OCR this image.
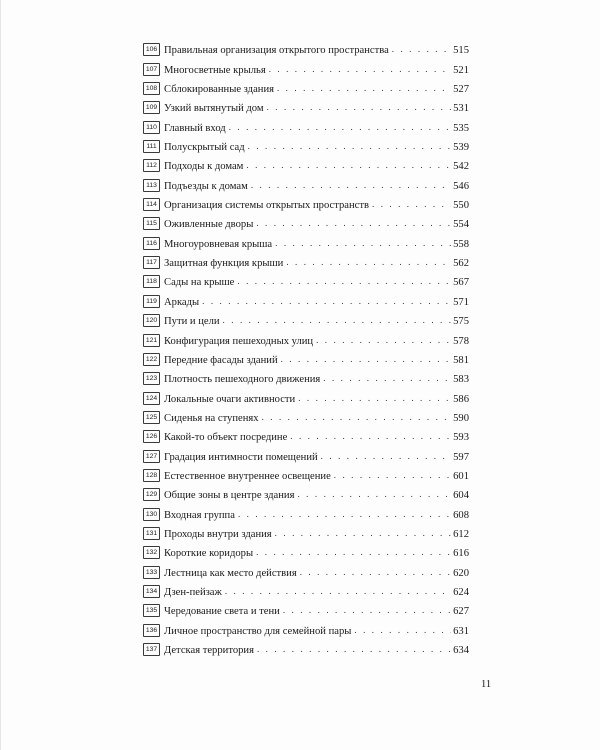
106 Правильная организация открытого пространства . . .	515
107 Многосветные крылья . . .	521
108 Сблокированные здания . . .	527
109 Узкий вытянутый дом . . .	531
110 Главный вход . . .	535
111 Полускрытый сад . . .	539
112 Подходы к домам . . .	542
113 Подъезды к домам . . .	546
114 Организация системы открытых пространств . . .	550
115 Оживленные дворы . . .	554
116 Многоуровневая крыша . . .	558
117 Защитная функция крыши . . .	562
118 Сады на крыше . . .	567
119 Аркады . . .	571
120 Пути и цели . . .	575
121 Конфигурация пешеходных улиц . . .	578
122 Передние фасады зданий . . .	581
123 Плотность пешеходного движения . . .	583
124 Локальные очаги активности . . .	586
125 Сиденья на ступенях . . .	590
126 Какой-то объект посредине . . .	593
127 Градация интимности помещений . . .	597
128 Естественное внутреннее освещение . . .	601
129 Общие зоны в центре здания . . .	604
130 Входная группа . . .	608
131 Проходы внутри здания . . .	612
132 Короткие коридоры . . .	616
133 Лестница как место действия . . .	620
134 Дзен-пейзаж . . .	624
135 Чередование света и тени . . .	627
136 Личное пространство для семейной пары . . .	631
137 Детская территория . . .	634
11
